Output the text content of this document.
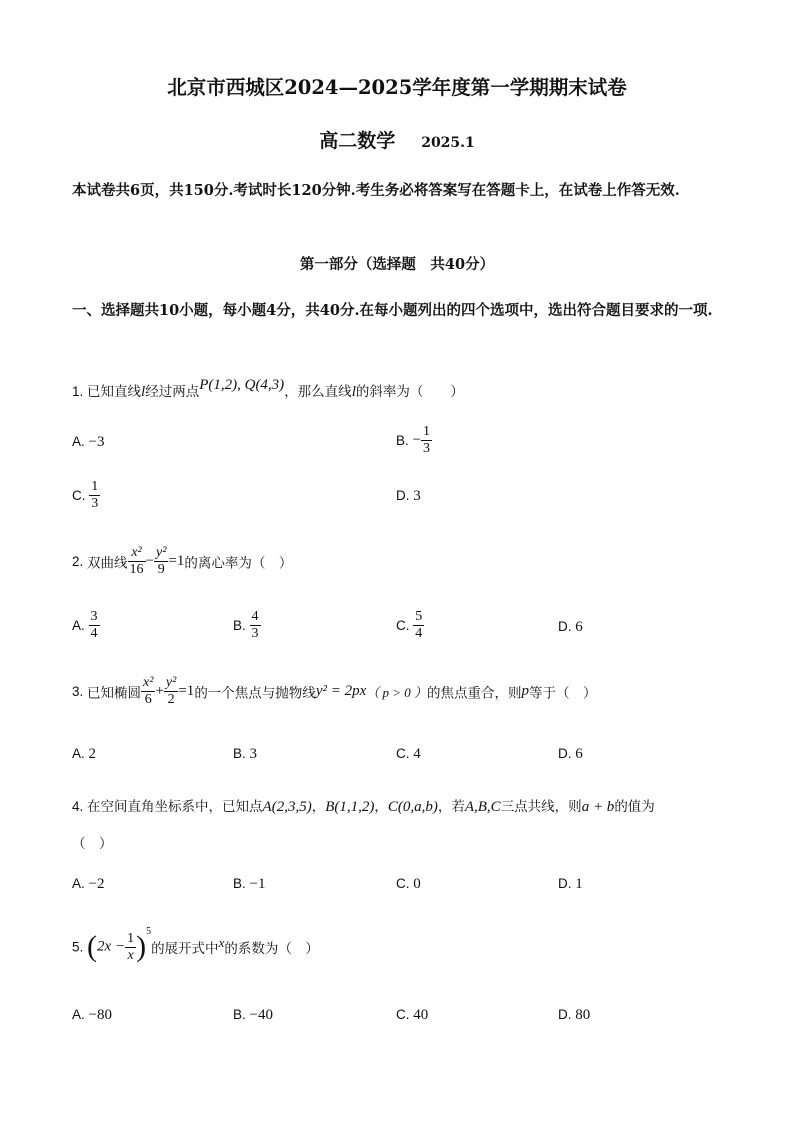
北京市西城区2024—2025学年度第一学期期末试卷
高二数学 2025.1
本试卷共6页，共150分.考试时长120分钟.考生务必将答案写在答题卡上，在试卷上作答无效.
第一部分（选择题　共40分）
一、选择题共10小题，每小题4分，共40分.在每小题列出的四个选项中，选出符合题目要求的一项.
1. 已知直线l经过两点P(1,2), Q(4,3)，那么直线l的斜率为（　　）
A. −3	B. − $\frac{1}{3}$
C. $\frac{1}{3}$	D. 3
2. 双曲线 $\frac{\text{x²}}{16} - \frac{\text{y²}}{9} =1$的离心率为（　）
A. $\frac{3}{4}$	B. $\frac{4}{3}$	C. $\frac{5}{4}$	D. 6
3. 已知椭圆 $\frac{\text{x²}}{6} + \frac{\text{y²}}{2} =1$的一个焦点与抛物线y² = 2px（ p > 0 ）的焦点重合，则p等于（　）
A. 2	B. 3	C. 4	D. 6
4. 在空间直角坐标系中，已知点A(2,3,5)，B(1,1,2)，C(0,a,b)，若A,B,C三点共线，则a + b的值为
（　）
A. −2	B. −1	C. 0	D. 1
5. $(2x - \frac{1}{x} )^5$的展开式中x的系数为（　）
A. −80	B. −40	C. 40	D. 80
